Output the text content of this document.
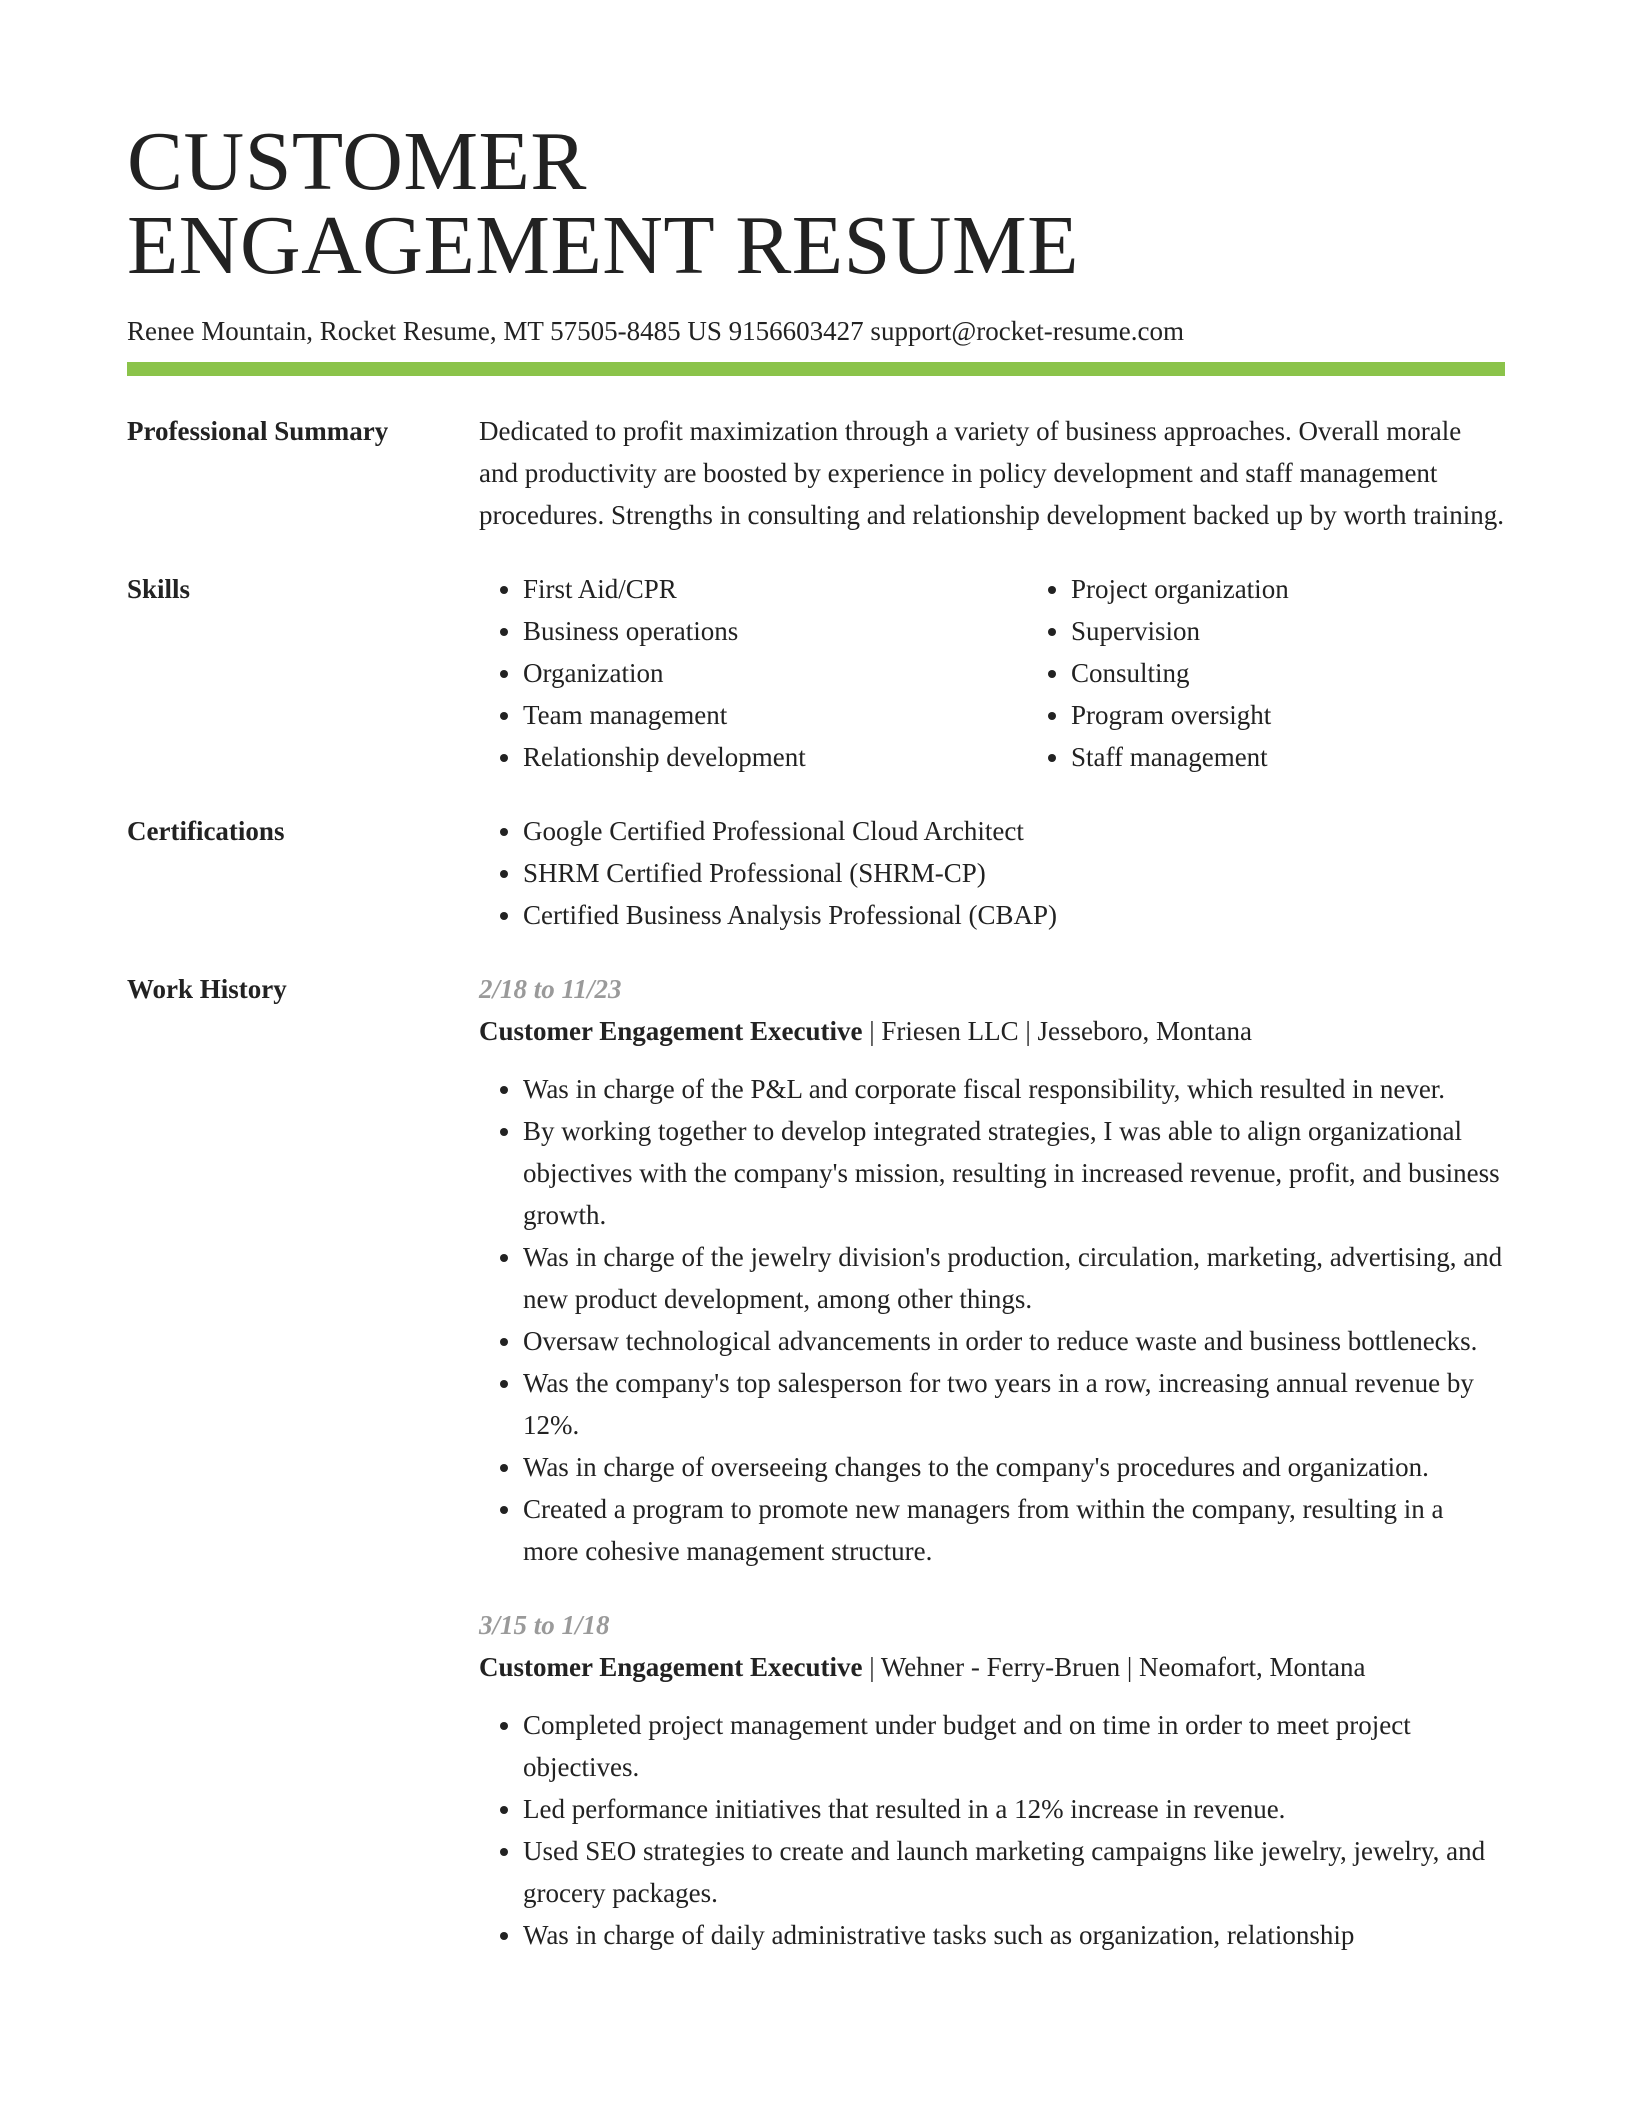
CUSTOMER
ENGAGEMENT RESUME
Renee Mountain, Rocket Resume, MT 57505-8485 US 9156603427 support@rocket-resume.com
Professional Summary	Dedicated to profit maximization through a variety of business approaches. Overall morale and productivity are boosted by experience in policy development and staff management procedures. Strengths in consulting and relationship development backed up by worth training.
Skills	• First Aid/CPR
• Business operations
• Organization
• Team management
• Relationship development
• Project organization
• Supervision
• Consulting
• Program oversight
• Staff management
Certifications	• Google Certified Professional Cloud Architect
• SHRM Certified Professional (SHRM-CP)
• Certified Business Analysis Professional (CBAP)
Work History	2/18 to 11/23
Customer Engagement Executive | Friesen LLC | Jesseboro, Montana
• Was in charge of the P&L and corporate fiscal responsibility, which resulted in never.
• By working together to develop integrated strategies, I was able to align organizational objectives with the company's mission, resulting in increased revenue, profit, and business growth.
• Was in charge of the jewelry division's production, circulation, marketing, advertising, and new product development, among other things.
• Oversaw technological advancements in order to reduce waste and business bottlenecks.
• Was the company's top salesperson for two years in a row, increasing annual revenue by 12%.
• Was in charge of overseeing changes to the company's procedures and organization.
• Created a program to promote new managers from within the company, resulting in a more cohesive management structure.
3/15 to 1/18
Customer Engagement Executive | Wehner - Ferry-Bruen | Neomafort, Montana
• Completed project management under budget and on time in order to meet project objectives.
• Led performance initiatives that resulted in a 12% increase in revenue.
• Used SEO strategies to create and launch marketing campaigns like jewelry, jewelry, and grocery packages.
• Was in charge of daily administrative tasks such as organization, relationship
